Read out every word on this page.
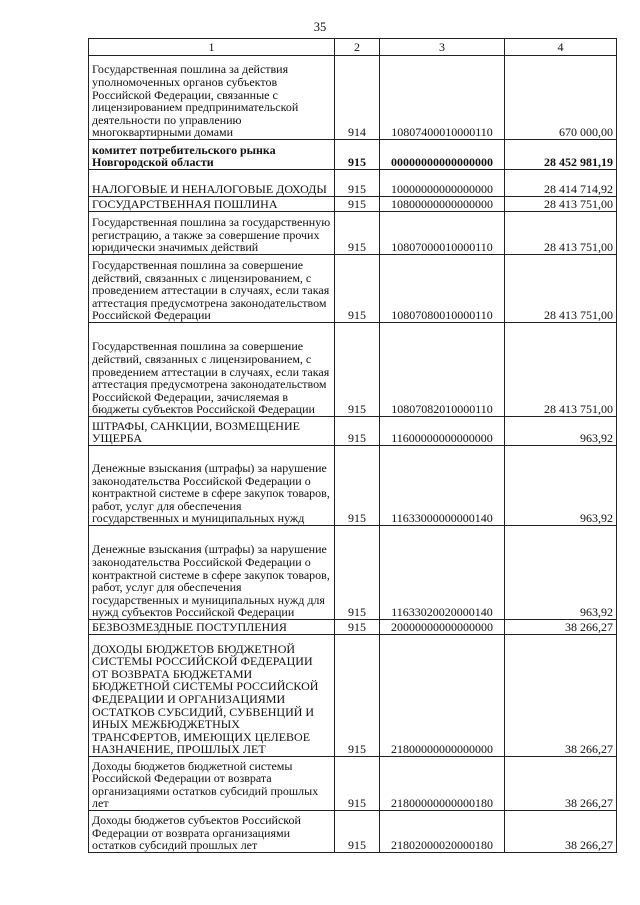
35
1	2	3	4
Государственная пошлина за действия уполномоченных органов субъектов Российской Федерации, связанные с лицензированием предпринимательской деятельности по управлению многоквартирными домами	914	10807400010000110	670 000,00
комитет потребительского рынка Новгородской области	915	00000000000000000	28 452 981,19
НАЛОГОВЫЕ И НЕНАЛОГОВЫЕ ДОХОДЫ	915	10000000000000000	28 414 714,92
ГОСУДАРСТВЕННАЯ ПОШЛИНА	915	10800000000000000	28 413 751,00
Государственная пошлина за государственную регистрацию, а также за совершение прочих юридически значимых действий	915	10807000010000110	28 413 751,00
Государственная пошлина за совершение действий, связанных с лицензированием, с проведением аттестации в случаях, если такая аттестация предусмотрена законодательством Российской Федерации	915	10807080010000110	28 413 751,00
Государственная пошлина за совершение действий, связанных с лицензированием, с проведением аттестации в случаях, если такая аттестация предусмотрена законодательством Российской Федерации, зачисляемая в бюджеты субъектов Российской Федерации	915	10807082010000110	28 413 751,00
ШТРАФЫ, САНКЦИИ, ВОЗМЕЩЕНИЕ УЩЕРБА	915	11600000000000000	963,92
Денежные взыскания (штрафы) за нарушение законодательства Российской Федерации о контрактной системе в сфере закупок товаров, работ, услуг для обеспечения государственных и муниципальных нужд	915	11633000000000140	963,92
Денежные взыскания (штрафы) за нарушение законодательства Российской Федерации о контрактной системе в сфере закупок товаров, работ, услуг для обеспечения государственных и муниципальных нужд для нужд субъектов Российской Федерации	915	11633020020000140	963,92
БЕЗВОЗМЕЗДНЫЕ ПОСТУПЛЕНИЯ	915	20000000000000000	38 266,27
ДОХОДЫ БЮДЖЕТОВ БЮДЖЕТНОЙ СИСТЕМЫ РОССИЙСКОЙ ФЕДЕРАЦИИ ОТ ВОЗВРАТА БЮДЖЕТАМИ БЮДЖЕТНОЙ СИСТЕМЫ РОССИЙСКОЙ ФЕДЕРАЦИИ И ОРГАНИЗАЦИЯМИ ОСТАТКОВ СУБСИДИЙ, СУБВЕНЦИЙ И ИНЫХ МЕЖБЮДЖЕТНЫХ ТРАНСФЕРТОВ, ИМЕЮЩИХ ЦЕЛЕВОЕ НАЗНАЧЕНИЕ, ПРОШЛЫХ ЛЕТ	915	21800000000000000	38 266,27
Доходы бюджетов бюджетной системы Российской Федерации от возврата организациями остатков субсидий прошлых лет	915	21800000000000180	38 266,27
Доходы бюджетов субъектов Российской Федерации от возврата организациями остатков субсидий прошлых лет	915	21802000020000180	38 266,27
